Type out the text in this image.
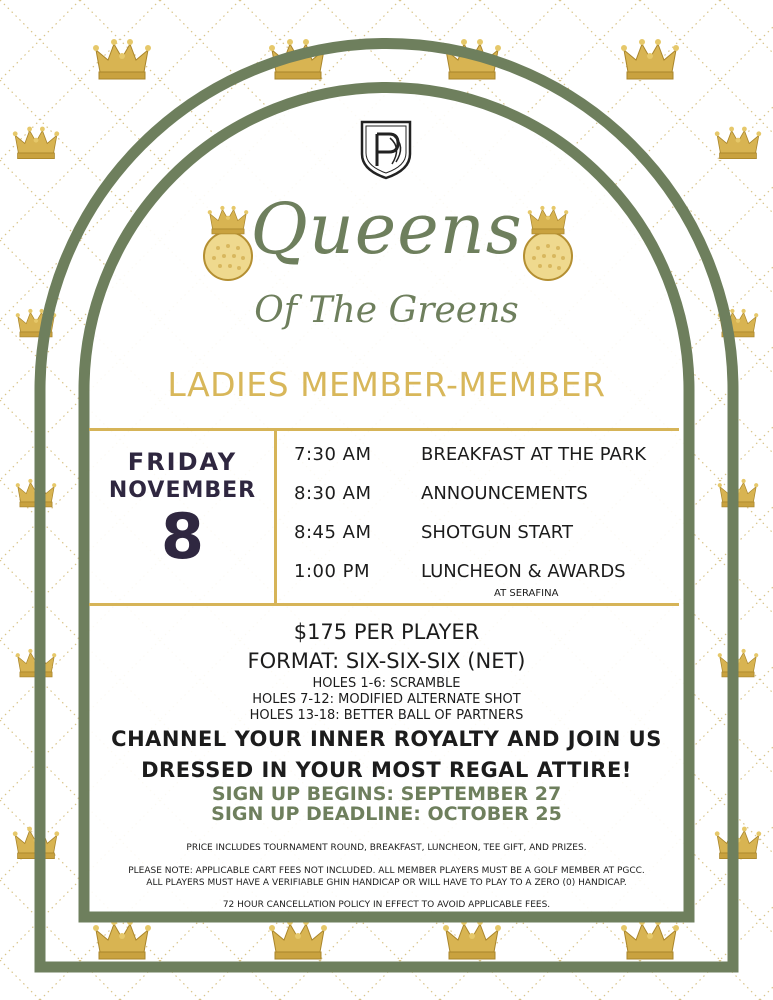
Queens
Of The Greens
LADIES MEMBER-MEMBER
FRIDAY
NOVEMBER
8
7:30 AM	BREAKFAST AT THE PARK
8:30 AM	ANNOUNCEMENTS
8:45 AM	SHOTGUN START
1:00 PM	LUNCHEON & AWARDS
AT SERAFINA
$175 PER PLAYER
FORMAT: SIX-SIX-SIX (NET)
HOLES 1-6: SCRAMBLE
HOLES 7-12: MODIFIED ALTERNATE SHOT
HOLES 13-18: BETTER BALL OF PARTNERS
CHANNEL YOUR INNER ROYALTY AND JOIN US
DRESSED IN YOUR MOST REGAL ATTIRE!
SIGN UP BEGINS: SEPTEMBER 27
SIGN UP DEADLINE: OCTOBER 25
PRICE INCLUDES TOURNAMENT ROUND, BREAKFAST, LUNCHEON, TEE GIFT, AND PRIZES.
PLEASE NOTE: APPLICABLE CART FEES NOT INCLUDED. ALL MEMBER PLAYERS MUST BE A GOLF MEMBER AT PGCC.
ALL PLAYERS MUST HAVE A VERIFIABLE GHIN HANDICAP OR WILL HAVE TO PLAY TO A ZERO (0) HANDICAP.
72 HOUR CANCELLATION POLICY IN EFFECT TO AVOID APPLICABLE FEES.
